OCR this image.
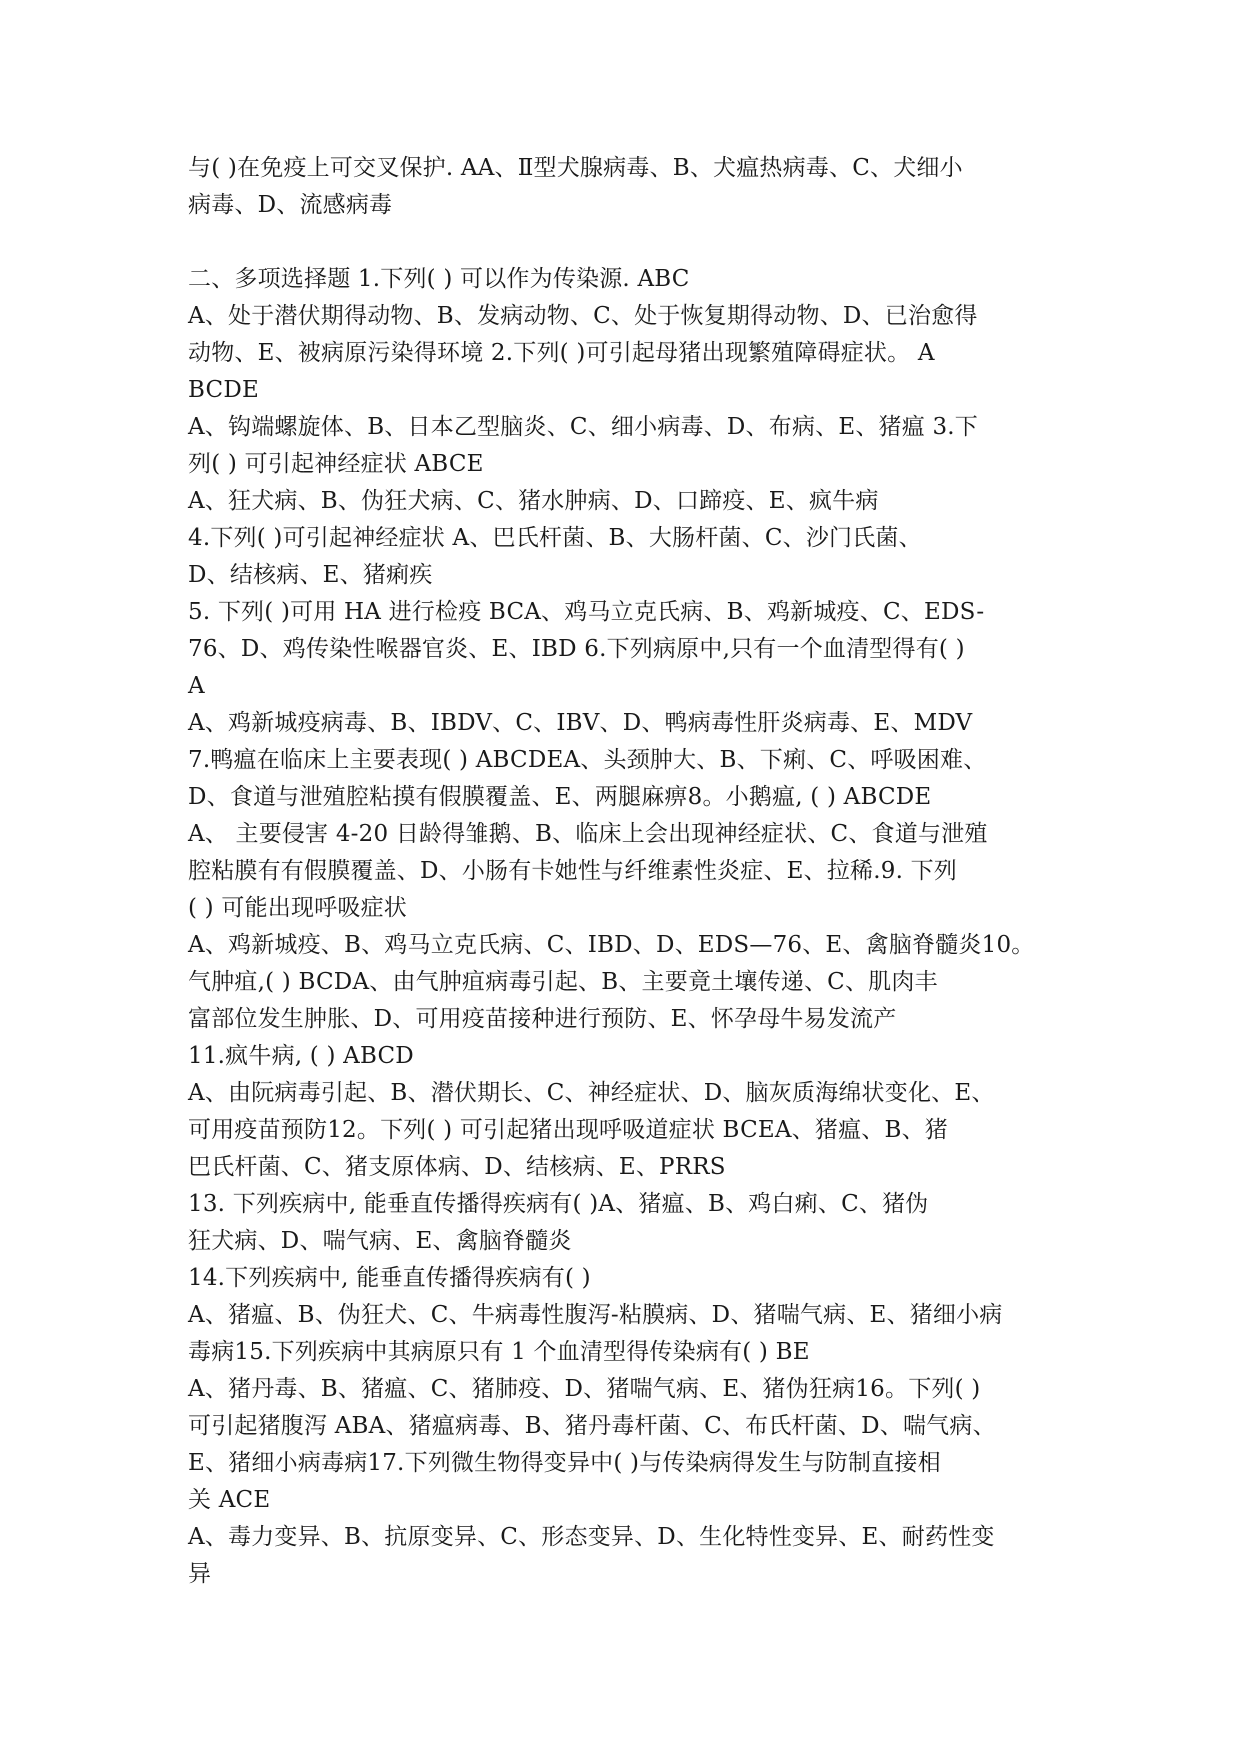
与( )在免疫上可交叉保护. A﻿A、Ⅱ型犬腺病毒、B、犬瘟热病毒、C、犬细小
病毒、D、流感病毒
二、多项选择题 1﻿.下列( ) 可以作为传染源. ABC
A、处于潜伏期得动物、B、发病动物、C、处于恢复期得动物、D、已治愈得
动物、E、被病原污染得环境 2﻿.下列( )可引起母猪出现繁殖障碍症状。 A
BCDE
A、钩端螺旋体、B、日本乙型脑炎、C、细小病毒、D、布病、E、猪瘟 3﻿.下
列( ) 可引起神经症状 ABCE
A、狂犬病、B、伪狂犬病、C、猪水肿病、D、口蹄疫、E、疯牛病
4.下列( )可引起神经症状 ﻿A、巴氏杆菌、B、大肠杆菌、C、沙门氏菌、
D、结核病、E、猪痢疾
5. 下列( )可用 HA 进行检疫 BC﻿A、鸡马立克氏病、B、鸡新城疫、C、EDS-
76、D、鸡传染性喉器官炎、E、IBD 6﻿.下列病原中,只有一个血清型得有( )
A
A、鸡新城疫病毒、B、IBDV、C、IBV、D、鸭病毒性肝炎病毒、E、MDV
7.鸭瘟在临床上主要表现( ) ABCDE﻿A、头颈肿大、B、下痢、C、呼吸困难、
D、食道与泄殖腔粘摸有假膜覆盖、E、两腿麻痹8﻿。小鹅瘟, ( ) ABCDE
A、 主要侵害 4-20 日龄得雏鹅、B、临床上会出现神经症状、C、食道与泄殖
腔粘膜有有假膜覆盖、D、小肠有卡她性与纤维素性炎症、E、拉稀.9﻿. 下列
( ) 可能出现呼吸症状
A、鸡新城疫、B、鸡马立克氏病、C、IBD、D、EDS—76、E、禽脑脊髓炎10﻿。
气肿疽,( ) BCD﻿A、由气肿疽病毒引起、B、主要竟土壤传递、C、肌肉丰
富部位发生肿胀、D、可用疫苗接种进行预防、E、怀孕母牛易发流产
11.疯牛病, ( ) ABCD
A、由阮病毒引起、B、潜伏期长、C、神经症状、D、脑灰质海绵状变化、E、
可用疫苗预防12﻿。下列( ) 可引起猪出现呼吸道症状 BCE﻿A、猪瘟、B、猪
巴氏杆菌、C、猪支原体病、D、结核病、E、PRRS
13. 下列疾病中, 能垂直传播得疾病有( )﻿A、猪瘟、B、鸡白痢、C、猪伪
狂犬病、D、喘气病、E、禽脑脊髓炎
14.下列疾病中, 能垂直传播得疾病有( )
A、猪瘟、B、伪狂犬、C、牛病毒性腹泻-粘膜病、D、猪喘气病、E、猪细小病
毒病15﻿.下列疾病中其病原只有 1 个血清型得传染病有( ) BE
A、猪丹毒、B、猪瘟、C、猪肺疫、D、猪喘气病、E、猪伪狂病16﻿。下列( )
可引起猪腹泻 AB﻿A、猪瘟病毒、B、猪丹毒杆菌、C、布氏杆菌、D、喘气病、
E、猪细小病毒病17﻿.下列微生物得变异中( )与传染病得发生与防制直接相
关 ACE
A、毒力变异、B、抗原变异、C、形态变异、D、生化特性变异、E、耐药性变
异
